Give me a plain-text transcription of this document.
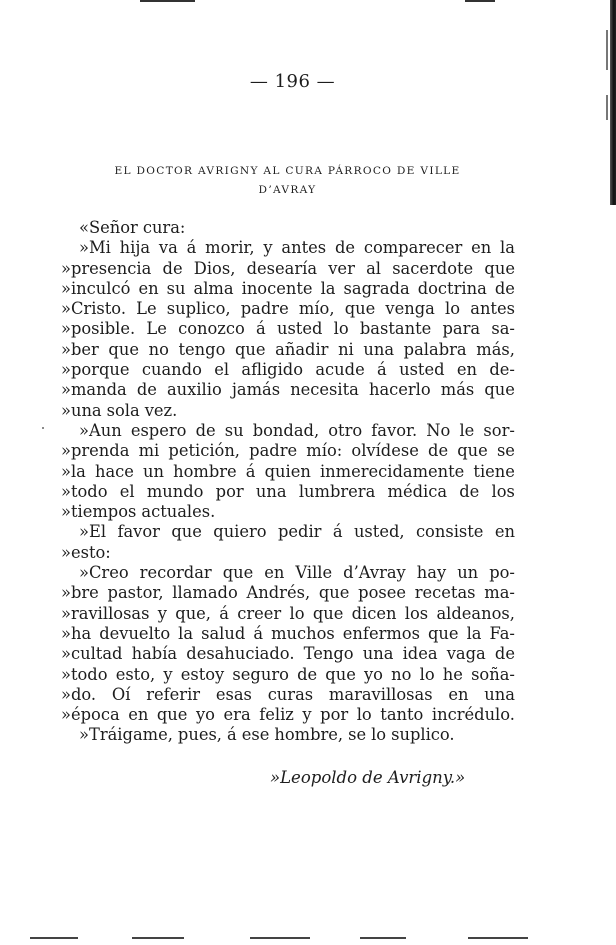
— 196 —
EL DOCTOR AVRIGNY AL CURA PÁRROCO DE VILLE
D’AVRAY
«Señor cura:
»Mi hija va á morir, y antes de comparecer en la
»presencia de Dios, desearía ver al sacerdote que
»inculcó en su alma inocente la sagrada doctrina de
»Cristo. Le suplico, padre mío, que venga lo antes
»posible. Le conozco á usted lo bastante para sa-
»ber que no tengo que añadir ni una palabra más,
»porque cuando el afligido acude á usted en de-
»manda de auxilio jamás necesita hacerlo más que
»una sola vez.
»Aun espero de su bondad, otro favor. No le sor-
»prenda mi petición, padre mío: olvídese de que se
»la hace un hombre á quien inmerecidamente tiene
»todo el mundo por una lumbrera médica de los
»tiempos actuales.
»El favor que quiero pedir á usted, consiste en
»esto:
»Creo recordar que en Ville d’Avray hay un po-
»bre pastor, llamado Andrés, que posee recetas ma-
»ravillosas y que, á creer lo que dicen los aldeanos,
»ha devuelto la salud á muchos enfermos que la Fa-
»cultad había desahuciado. Tengo una idea vaga de
»todo esto, y estoy seguro de que yo no lo he soña-
»do. Oí referir esas curas maravillosas en una
»época en que yo era feliz y por lo tanto incrédulo.
»Tráigame, pues, á ese hombre, se lo suplico.
»Leopoldo de Avrigny.»
